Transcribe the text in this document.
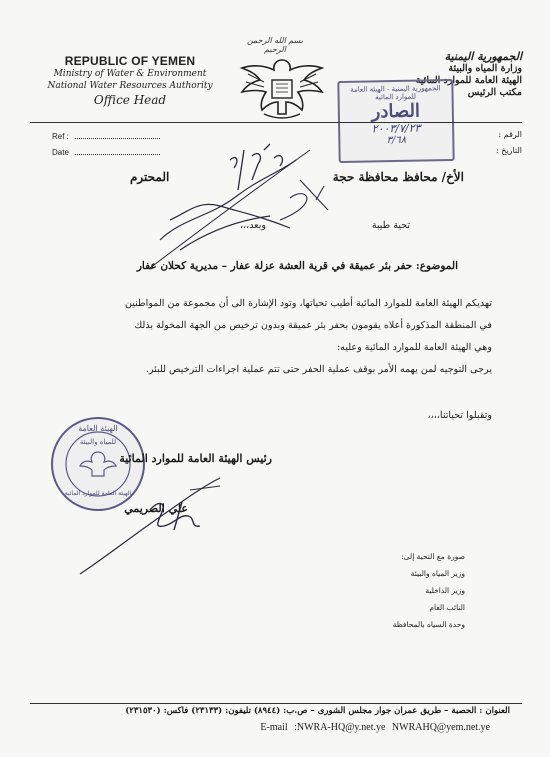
بسم الله الرحمن الرحيم
REPUBLIC OF YEMEN
Ministry of Water & Environment
National Water Resources Authority
Office Head
الجمهورية اليمنية
وزارة المياه والبيئة
الهيئة العامة للموارد المائية
مكتب الرئيس
الجمهورية اليمنية - الهيئة العامة للموارد المائية
الصادر
٢٠٠٣/٧/٢٣
٣/٦٨
Ref :
Date
الرقم :
التاريخ :
الأخ/ محافظ محافظة حجة
المحترم
تحية طيبة
وبعد،،،
الموضوع: حفر بئر عميقة في قرية العشة عزلة عفار – مديرية كحلان عفار
تهديكم الهيئة العامة للموارد المائية أطيب تحياتها، وتود الإشارة الى أن مجموعة من المواطنين
في المنطقة المذكورة أعلاه يقومون بحفر بئر عميقة وبدون ترخيص من الجهة المخولة بذلك
وهي الهيئة العامة للموارد المائية وعليه:
يرجى التوجيه لمن يهمه الأمر بوقف عملية الحفر حتى تتم عملية اجراءات الترخيص للبئر.
وتقبلوا تحياتنا،،،،
الهيئة العامة
للمياه والبيئة
الهيئة العامة للموارد المائية
رئيس الهيئة العامة للموارد المائية
علي الصريمي
صورة مع التحية إلى:
وزير المياه والبيئة
وزير الداخلية
النائب العام
وحدة السياه بالمحافظة
العنوان : الحصبة – طريق عمران جوار مجلس الشورى – ص.ب: (٨٩٤٤) تليفون: (٢٣١٣٣) فاكس: (٢٣١٥٣٠)
E-mail :NWRA-HQ@y.net.ye NWRAHQ@yem.net.ye
